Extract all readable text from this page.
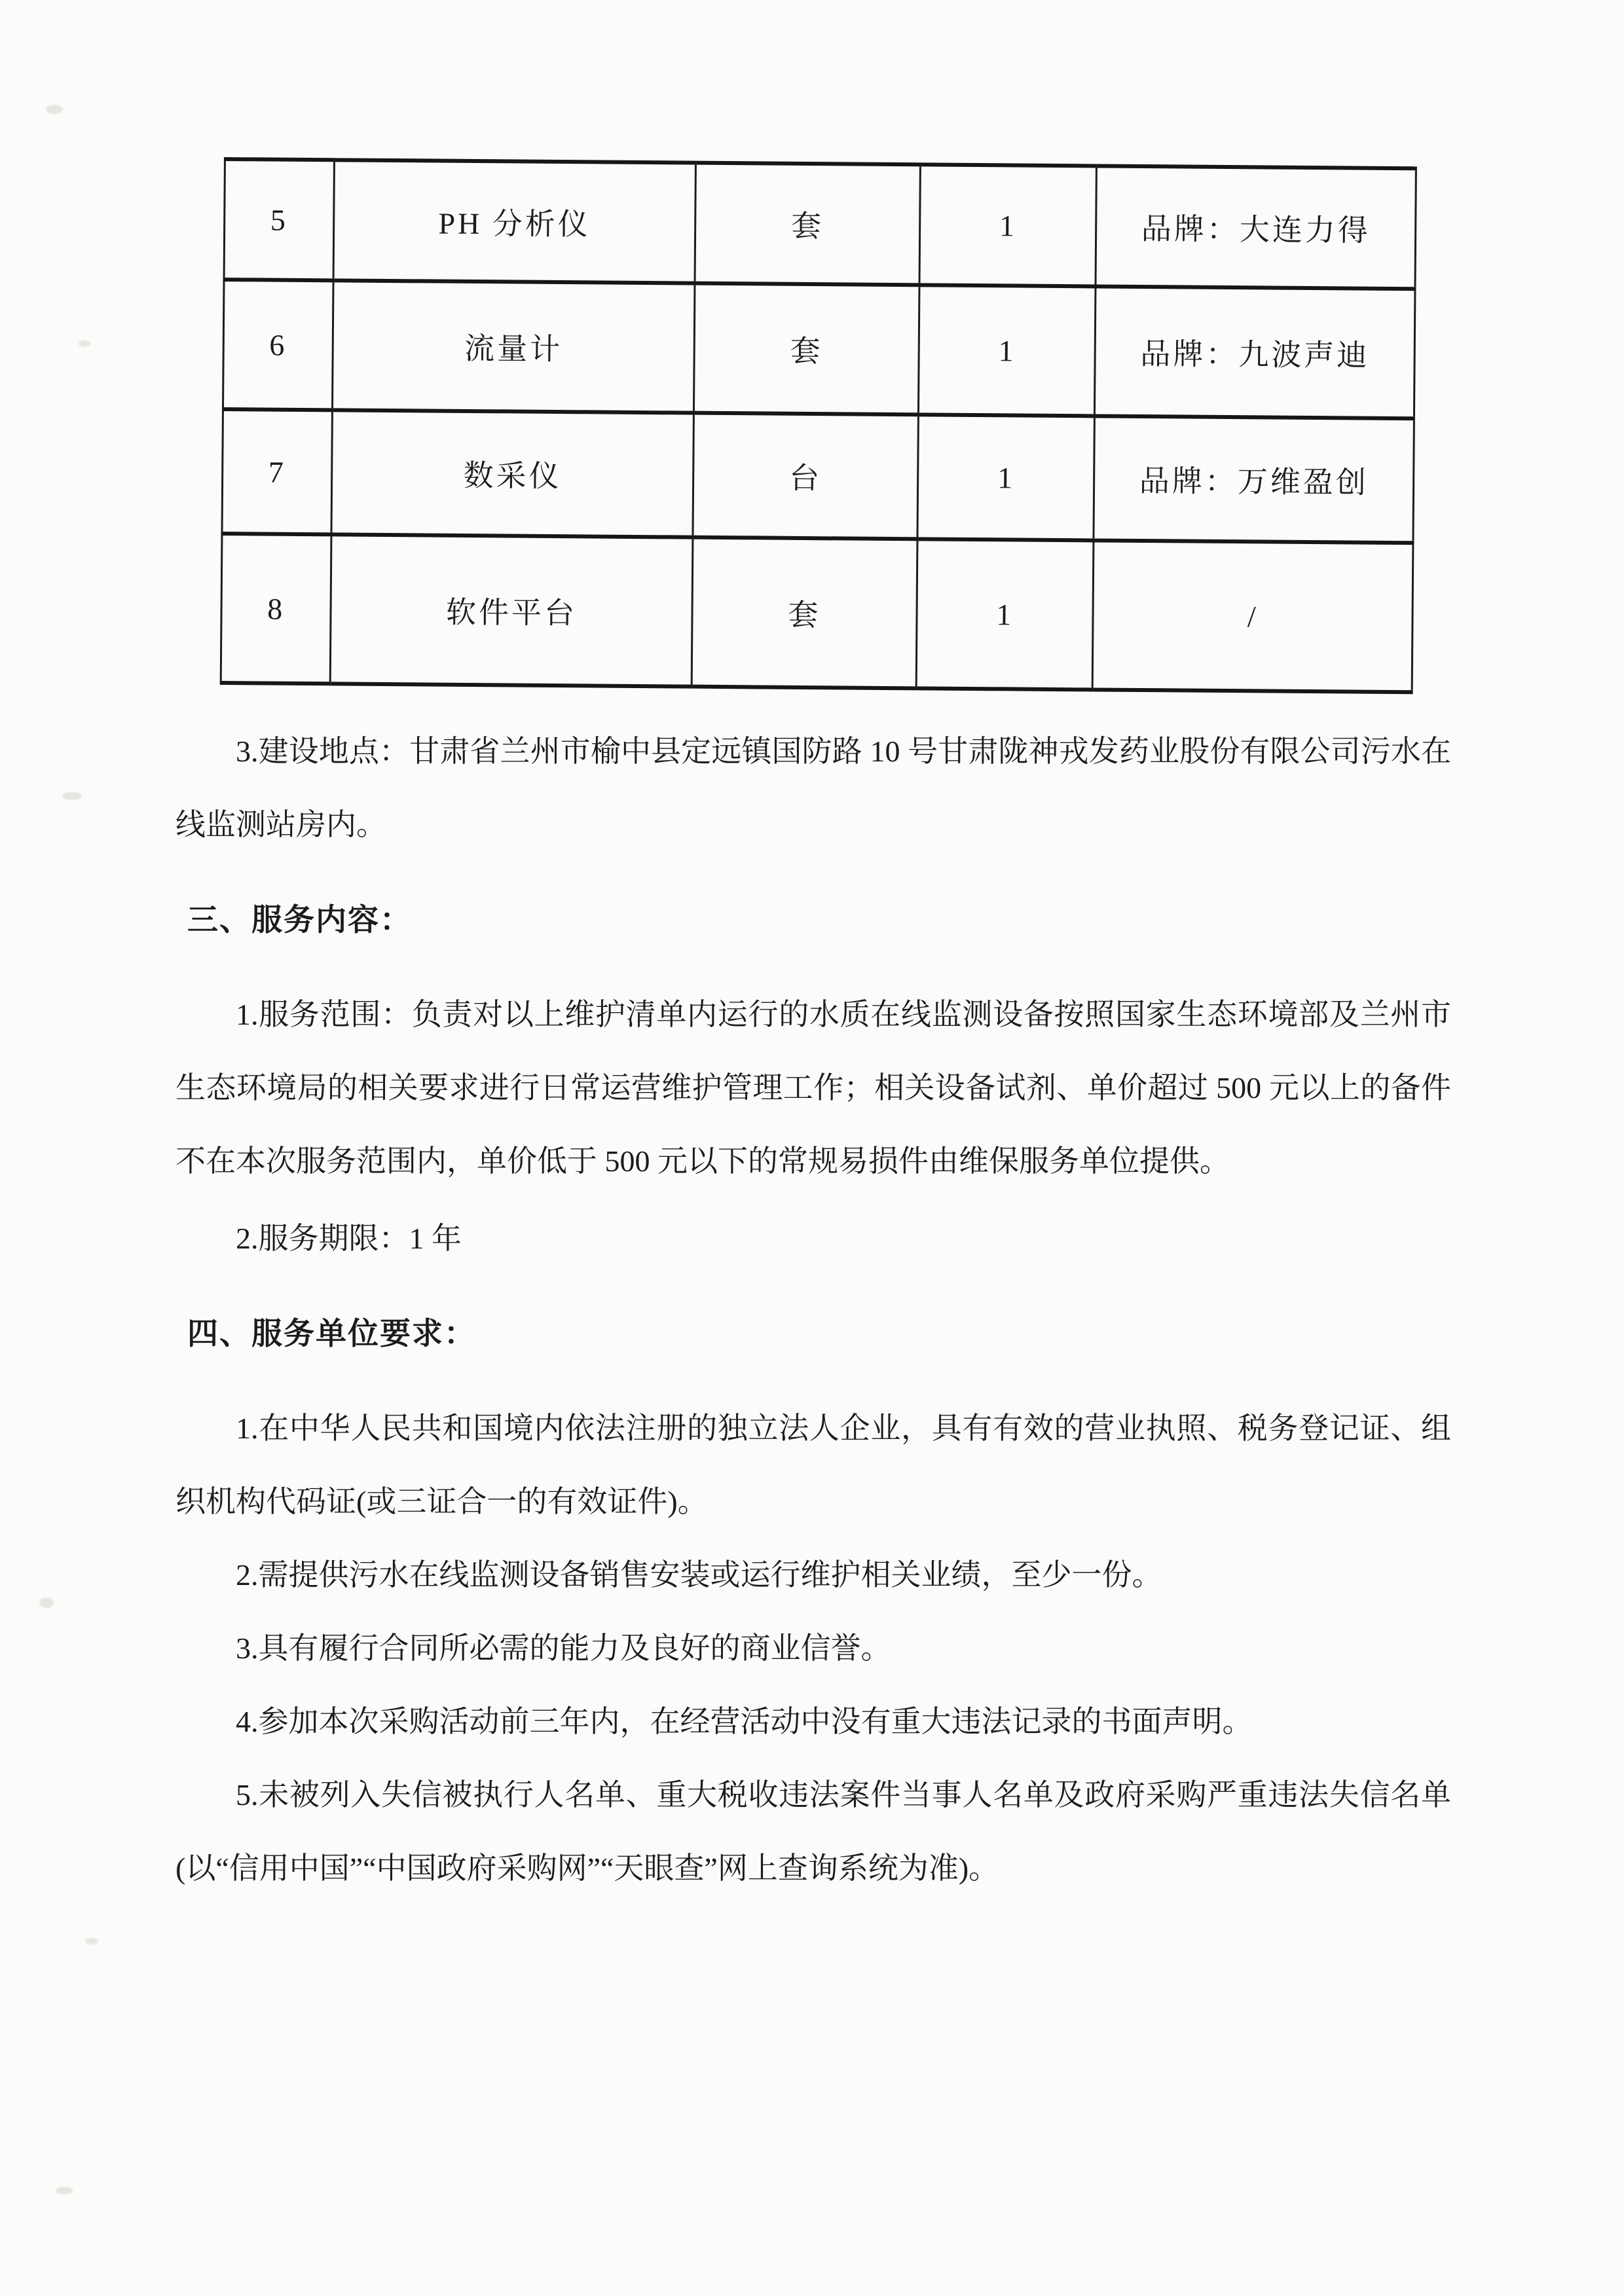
5	PH 分析仪	套	1	品牌：大连力得
6	流量计	套	1	品牌：九波声迪
7	数采仪	台	1	品牌：万维盈创
8	软件平台	套	1	/

3.建设地点：甘肃省兰州市榆中县定远镇国防路 10 号甘肃陇神戎发药业股份有限公司污水在线监测站房内。

三、服务内容：

1.服务范围：负责对以上维护清单内运行的水质在线监测设备按照国家生态环境部及兰州市生态环境局的相关要求进行日常运营维护管理工作；相关设备试剂、单价超过 500 元以上的备件不在本次服务范围内，单价低于 500 元以下的常规易损件由维保服务单位提供。

2.服务期限：1 年

四、服务单位要求：

1.在中华人民共和国境内依法注册的独立法人企业，具有有效的营业执照、税务登记证、组织机构代码证(或三证合一的有效证件)。

2.需提供污水在线监测设备销售安装或运行维护相关业绩，至少一份。

3.具有履行合同所必需的能力及良好的商业信誉。

4.参加本次采购活动前三年内，在经营活动中没有重大违法记录的书面声明。

5.未被列入失信被执行人名单、重大税收违法案件当事人名单及政府采购严重违法失信名单(以“信用中国”“中国政府采购网”“天眼查”网上查询系统为准)。
